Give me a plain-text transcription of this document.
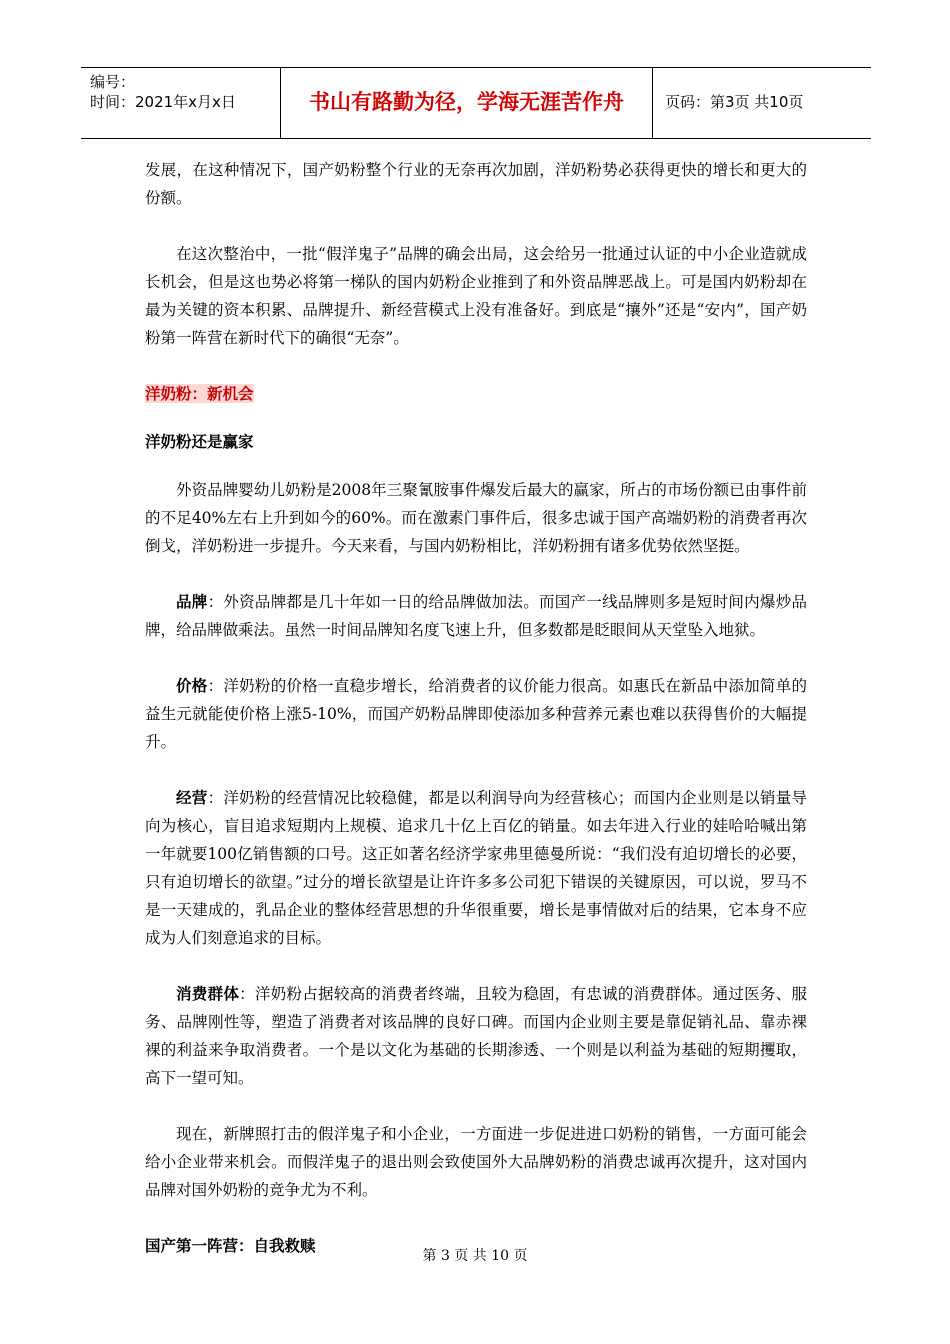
编号：
时间：2021年x月x日	书山有路勤为径，学海无涯苦作舟	页码：第3页 共10页

发展，在这种情况下，国产奶粉整个行业的无奈再次加剧，洋奶粉势必获得更快的增长和更大的份额。

在这次整治中，一批“假洋鬼子”品牌的确会出局，这会给另一批通过认证的中小企业造就成长机会，但是这也势必将第一梯队的国内奶粉企业推到了和外资品牌恶战上。可是国内奶粉却在最为关键的资本积累、品牌提升、新经营模式上没有准备好。到底是“攘外”还是“安内”，国产奶粉第一阵营在新时代下的确很“无奈”。

洋奶粉：新机会
洋奶粉还是赢家

外资品牌婴幼儿奶粉是2008年三聚氰胺事件爆发后最大的赢家，所占的市场份额已由事件前的不足40%左右上升到如今的60%。而在激素门事件后，很多忠诚于国产高端奶粉的消费者再次倒戈，洋奶粉进一步提升。今天来看，与国内奶粉相比，洋奶粉拥有诸多优势依然坚挺。

品牌：外资品牌都是几十年如一日的给品牌做加法。而国产一线品牌则多是短时间内爆炒品牌，给品牌做乘法。虽然一时间品牌知名度飞速上升，但多数都是眨眼间从天堂坠入地狱。

价格：洋奶粉的价格一直稳步增长，给消费者的议价能力很高。如惠氏在新品中添加简单的益生元就能使价格上涨5-10%，而国产奶粉品牌即使添加多种营养元素也难以获得售价的大幅提升。

经营：洋奶粉的经营情况比较稳健，都是以利润导向为经营核心；而国内企业则是以销量导向为核心，盲目追求短期内上规模、追求几十亿上百亿的销量。如去年进入行业的娃哈哈喊出第一年就要100亿销售额的口号。这正如著名经济学家弗里德曼所说：“我们没有迫切增长的必要，只有迫切增长的欲望。”过分的增长欲望是让许许多多公司犯下错误的关键原因，可以说，罗马不是一天建成的，乳品企业的整体经营思想的升华很重要，增长是事情做对后的结果，它本身不应成为人们刻意追求的目标。

消费群体：洋奶粉占据较高的消费者终端，且较为稳固，有忠诚的消费群体。通过医务、服务、品牌刚性等，塑造了消费者对该品牌的良好口碑。而国内企业则主要是靠促销礼品、靠赤裸裸的利益来争取消费者。一个是以文化为基础的长期渗透、一个则是以利益为基础的短期攫取，高下一望可知。

现在，新牌照打击的假洋鬼子和小企业，一方面进一步促进进口奶粉的销售，一方面可能会给小企业带来机会。而假洋鬼子的退出则会致使国外大品牌奶粉的消费忠诚再次提升，这对国内品牌对国外奶粉的竞争尤为不利。

国产第一阵营：自我救赎
第 3 页 共 10 页
